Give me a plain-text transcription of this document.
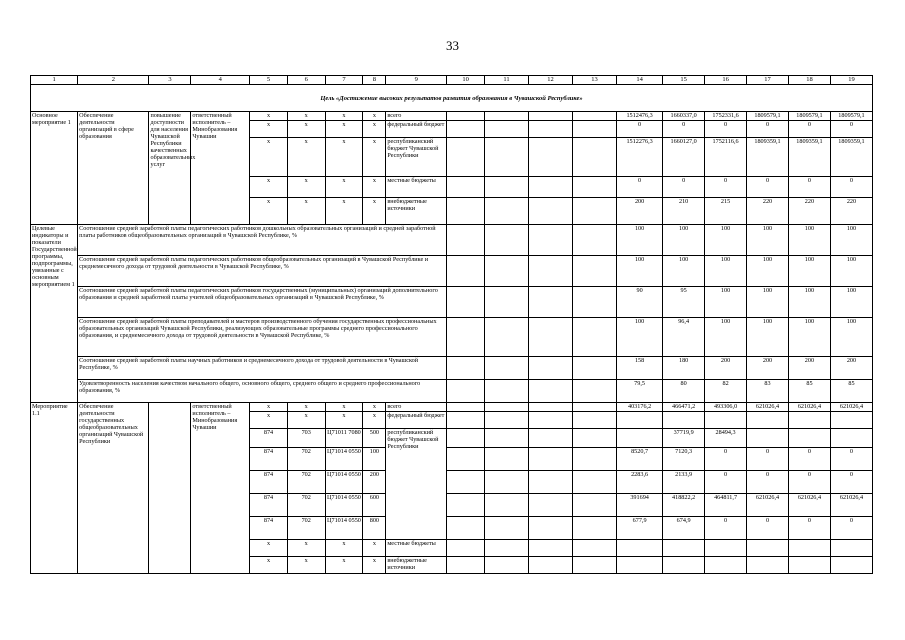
33
1	2	3	4	5	6	7	8	9	10	11	12	13	14	15	16	17	18	19
Цель «Достижение высоких результатов развития образования в Чувашской Республике»																		
Основное мероприятие 1	Обеспечение деятельности организаций в сфере образования	повышение доступности для населения Чувашской Республики качественных образовательных услуг	ответственный исполнитель – Минобразования Чувашии	х	х	х	х	всего					1512476,3	1660337,0	1752331,6	1809579,1	1809579,1	1809579,1
				х	х	х	х	федеральный бюджет					0	0	0	0	0	0
				х	х	х	х	республиканский бюджет Чувашской Республики					1512276,3	1660127,0	1752116,6	1809359,1	1809359,1	1809359,1
				х	х	х	х	местные бюджеты					0	0	0	0	0	0
				х	х	х	х	внебюджетные источники					200	210	215	220	220	220
Целевые индикаторы и показатели Государственной программы, подпрограммы, увязанные с основным мероприятием 1	Соотношение средней заработной платы педагогических работников дошкольных образовательных организаций и средней заработной платы работников общеобразовательных организаций в Чувашской Республике, %												100	100	100	100	100	100
	Соотношение средней заработной платы педагогических работников общеобразовательных организаций в Чувашской Республике и среднемесячного дохода от трудовой деятельности в Чувашской Республике, %												100	100	100	100	100	100
	Соотношение средней заработной платы педагогических работников государственных (муниципальных) организаций дополнительного образования и средней заработной платы учителей общеобразовательных организаций в Чувашской Республике, %												90	95	100	100	100	100
	Соотношение средней заработной платы преподавателей и мастеров производственного обучения государственных профессиональных образовательных организаций Чувашской Республики, реализующих образовательные программы среднего профессионального образования, и среднемесячного дохода от трудовой деятельности в Чувашской Республике, %												100	96,4	100	100	100	100
	Соотношение средней заработной платы научных работников и среднемесячного дохода от трудовой деятельности в Чувашской Республике, %												158	180	200	200	200	200
	Удовлетворенность населения качеством начального общего, основного общего, среднего общего и среднего профессионального образования, %												79,5	80	82	83	85	85
Мероприятие 1.1	Обеспечение деятельности государственных общеобразовательных организаций Чувашской Республики		ответственный исполнитель – Минобразования Чувашии	х	х	х	х	всего					403176,2	466471,2	493306,0	621026,4	621026,4	621026,4
				х	х	х	х	федеральный бюджет										
				874	703	Ц71011 7080	500	республиканский бюджет Чувашской Республики						37719,9	28494,3			
				874	702	Ц71014 0550	100						8520,7	7120,3	0	0	0	0
				874	702	Ц71014 0550	200						2283,6	2133,9	0	0	0	0
				874	702	Ц71014 0550	600						391694	418822,2	464811,7	621026,4	621026,4	621026,4
				874	702	Ц71014 0550	800						677,9	674,9	0	0	0	0
				х	х	х	х	местные бюджеты										
				х	х	х	х	внебюджетные источники										
